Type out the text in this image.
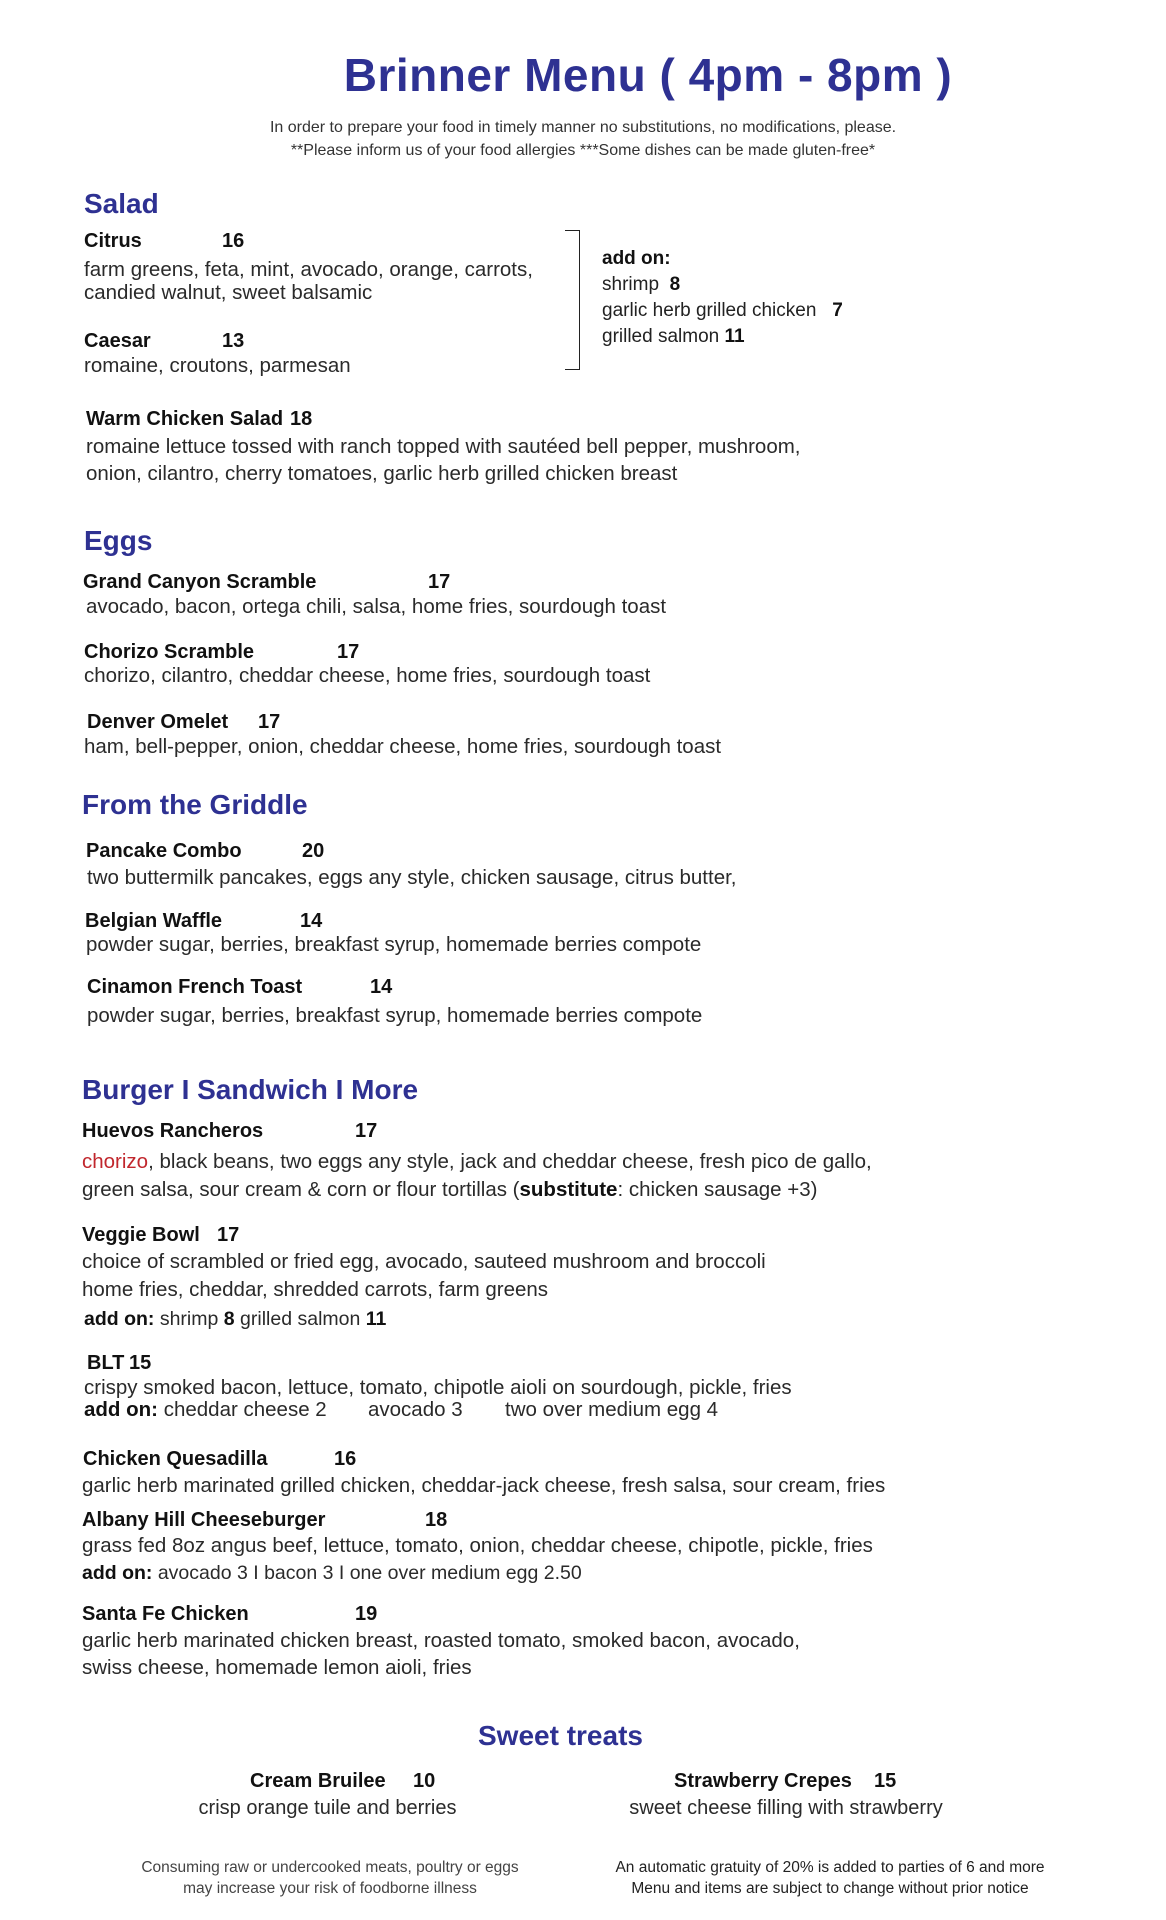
Brinner Menu ( 4pm - 8pm )
In order to prepare your food in timely manner no substitutions, no modifications, please.
**Please inform us of your food allergies ***Some dishes can be made gluten-free*
Salad
Citrus	16
farm greens, feta, mint, avocado, orange, carrots,
candied walnut, sweet balsamic
Caesar	13
romaine, croutons, parmesan
add on:
shrimp 8
garlic herb grilled chicken 7
grilled salmon 11
Warm Chicken Salad 18
romaine lettuce tossed with ranch topped with sautéed bell pepper, mushroom,
onion, cilantro, cherry tomatoes, garlic herb grilled chicken breast
Eggs
Grand Canyon Scramble	17
avocado, bacon, ortega chili, salsa, home fries, sourdough toast
Chorizo Scramble	17
chorizo, cilantro, cheddar cheese, home fries, sourdough toast
Denver Omelet 17
ham, bell-pepper, onion, cheddar cheese, home fries, sourdough toast
From the Griddle
Pancake Combo	20
two buttermilk pancakes, eggs any style, chicken sausage, citrus butter,
Belgian Waffle	14
powder sugar, berries, breakfast syrup, homemade berries compote
Cinamon French Toast	14
powder sugar, berries, breakfast syrup, homemade berries compote
Burger I Sandwich I More
Huevos Rancheros	17
chorizo, black beans, two eggs any style, jack and cheddar cheese, fresh pico de gallo,
green salsa, sour cream & corn or flour tortillas (substitute: chicken sausage +3)
Veggie Bowl 17
choice of scrambled or fried egg, avocado, sauteed mushroom and broccoli
home fries, cheddar, shredded carrots, farm greens
add on: shrimp 8 grilled salmon 11
BLT 15
crispy smoked bacon, lettuce, tomato, chipotle aioli on sourdough, pickle, fries
add on: cheddar cheese 2 avocado 3 two over medium egg 4
Chicken Quesadilla	16
garlic herb marinated grilled chicken, cheddar-jack cheese, fresh salsa, sour cream, fries
Albany Hill Cheeseburger	18
grass fed 8oz angus beef, lettuce, tomato, onion, cheddar cheese, chipotle, pickle, fries
add on: avocado 3 I bacon 3 I one over medium egg 2.50
Santa Fe Chicken	19
garlic herb marinated chicken breast, roasted tomato, smoked bacon, avocado,
swiss cheese, homemade lemon aioli, fries
Sweet treats
Cream Bruilee 10
crisp orange tuile and berries
Strawberry Crepes 15
sweet cheese filling with strawberry
Consuming raw or undercooked meats, poultry or eggs
may increase your risk of foodborne illness
An automatic gratuity of 20% is added to parties of 6 and more
Menu and items are subject to change without prior notice
